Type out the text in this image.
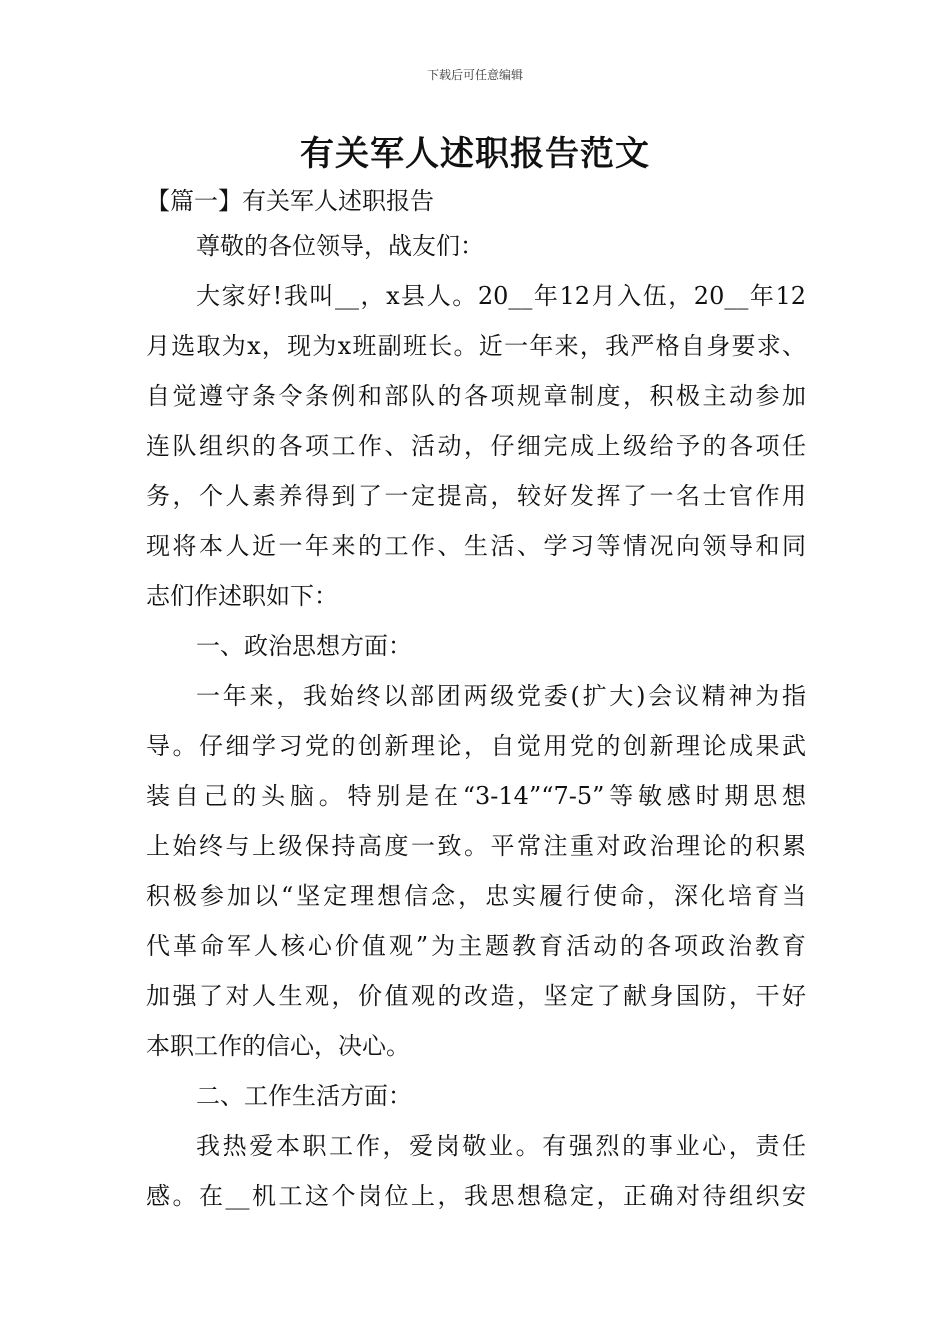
下载后可任意编辑
有关军人述职报告范文
【篇一】有关军人述职报告
尊敬的各位领导，战友们：
大家好!我叫__，x县人。20__年12月入伍，20__年12
月选取为x，现为x班副班长。近一年来，我严格自身要求、
自觉遵守条令条例和部队的各项规章制度，积极主动参加
连队组织的各项工作、活动，仔细完成上级给予的各项任
务，个人素养得到了一定提高，较好发挥了一名士官作用
现将本人近一年来的工作、生活、学习等情况向领导和同
志们作述职如下：
一、政治思想方面：
一年来，我始终以部团两级党委(扩大)会议精神为指
导。仔细学习党的创新理论，自觉用党的创新理论成果武
装自己的头脑。特别是在“3-14”“7-5”等敏感时期思想
上始终与上级保持高度一致。平常注重对政治理论的积累
积极参加以“坚定理想信念，忠实履行使命，深化培育当
代革命军人核心价值观”为主题教育活动的各项政治教育
加强了对人生观，价值观的改造，坚定了献身国防，干好
本职工作的信心，决心。
二、工作生活方面：
我热爱本职工作，爱岗敬业。有强烈的事业心，责任
感。在__机工这个岗位上，我思想稳定，正确对待组织安
